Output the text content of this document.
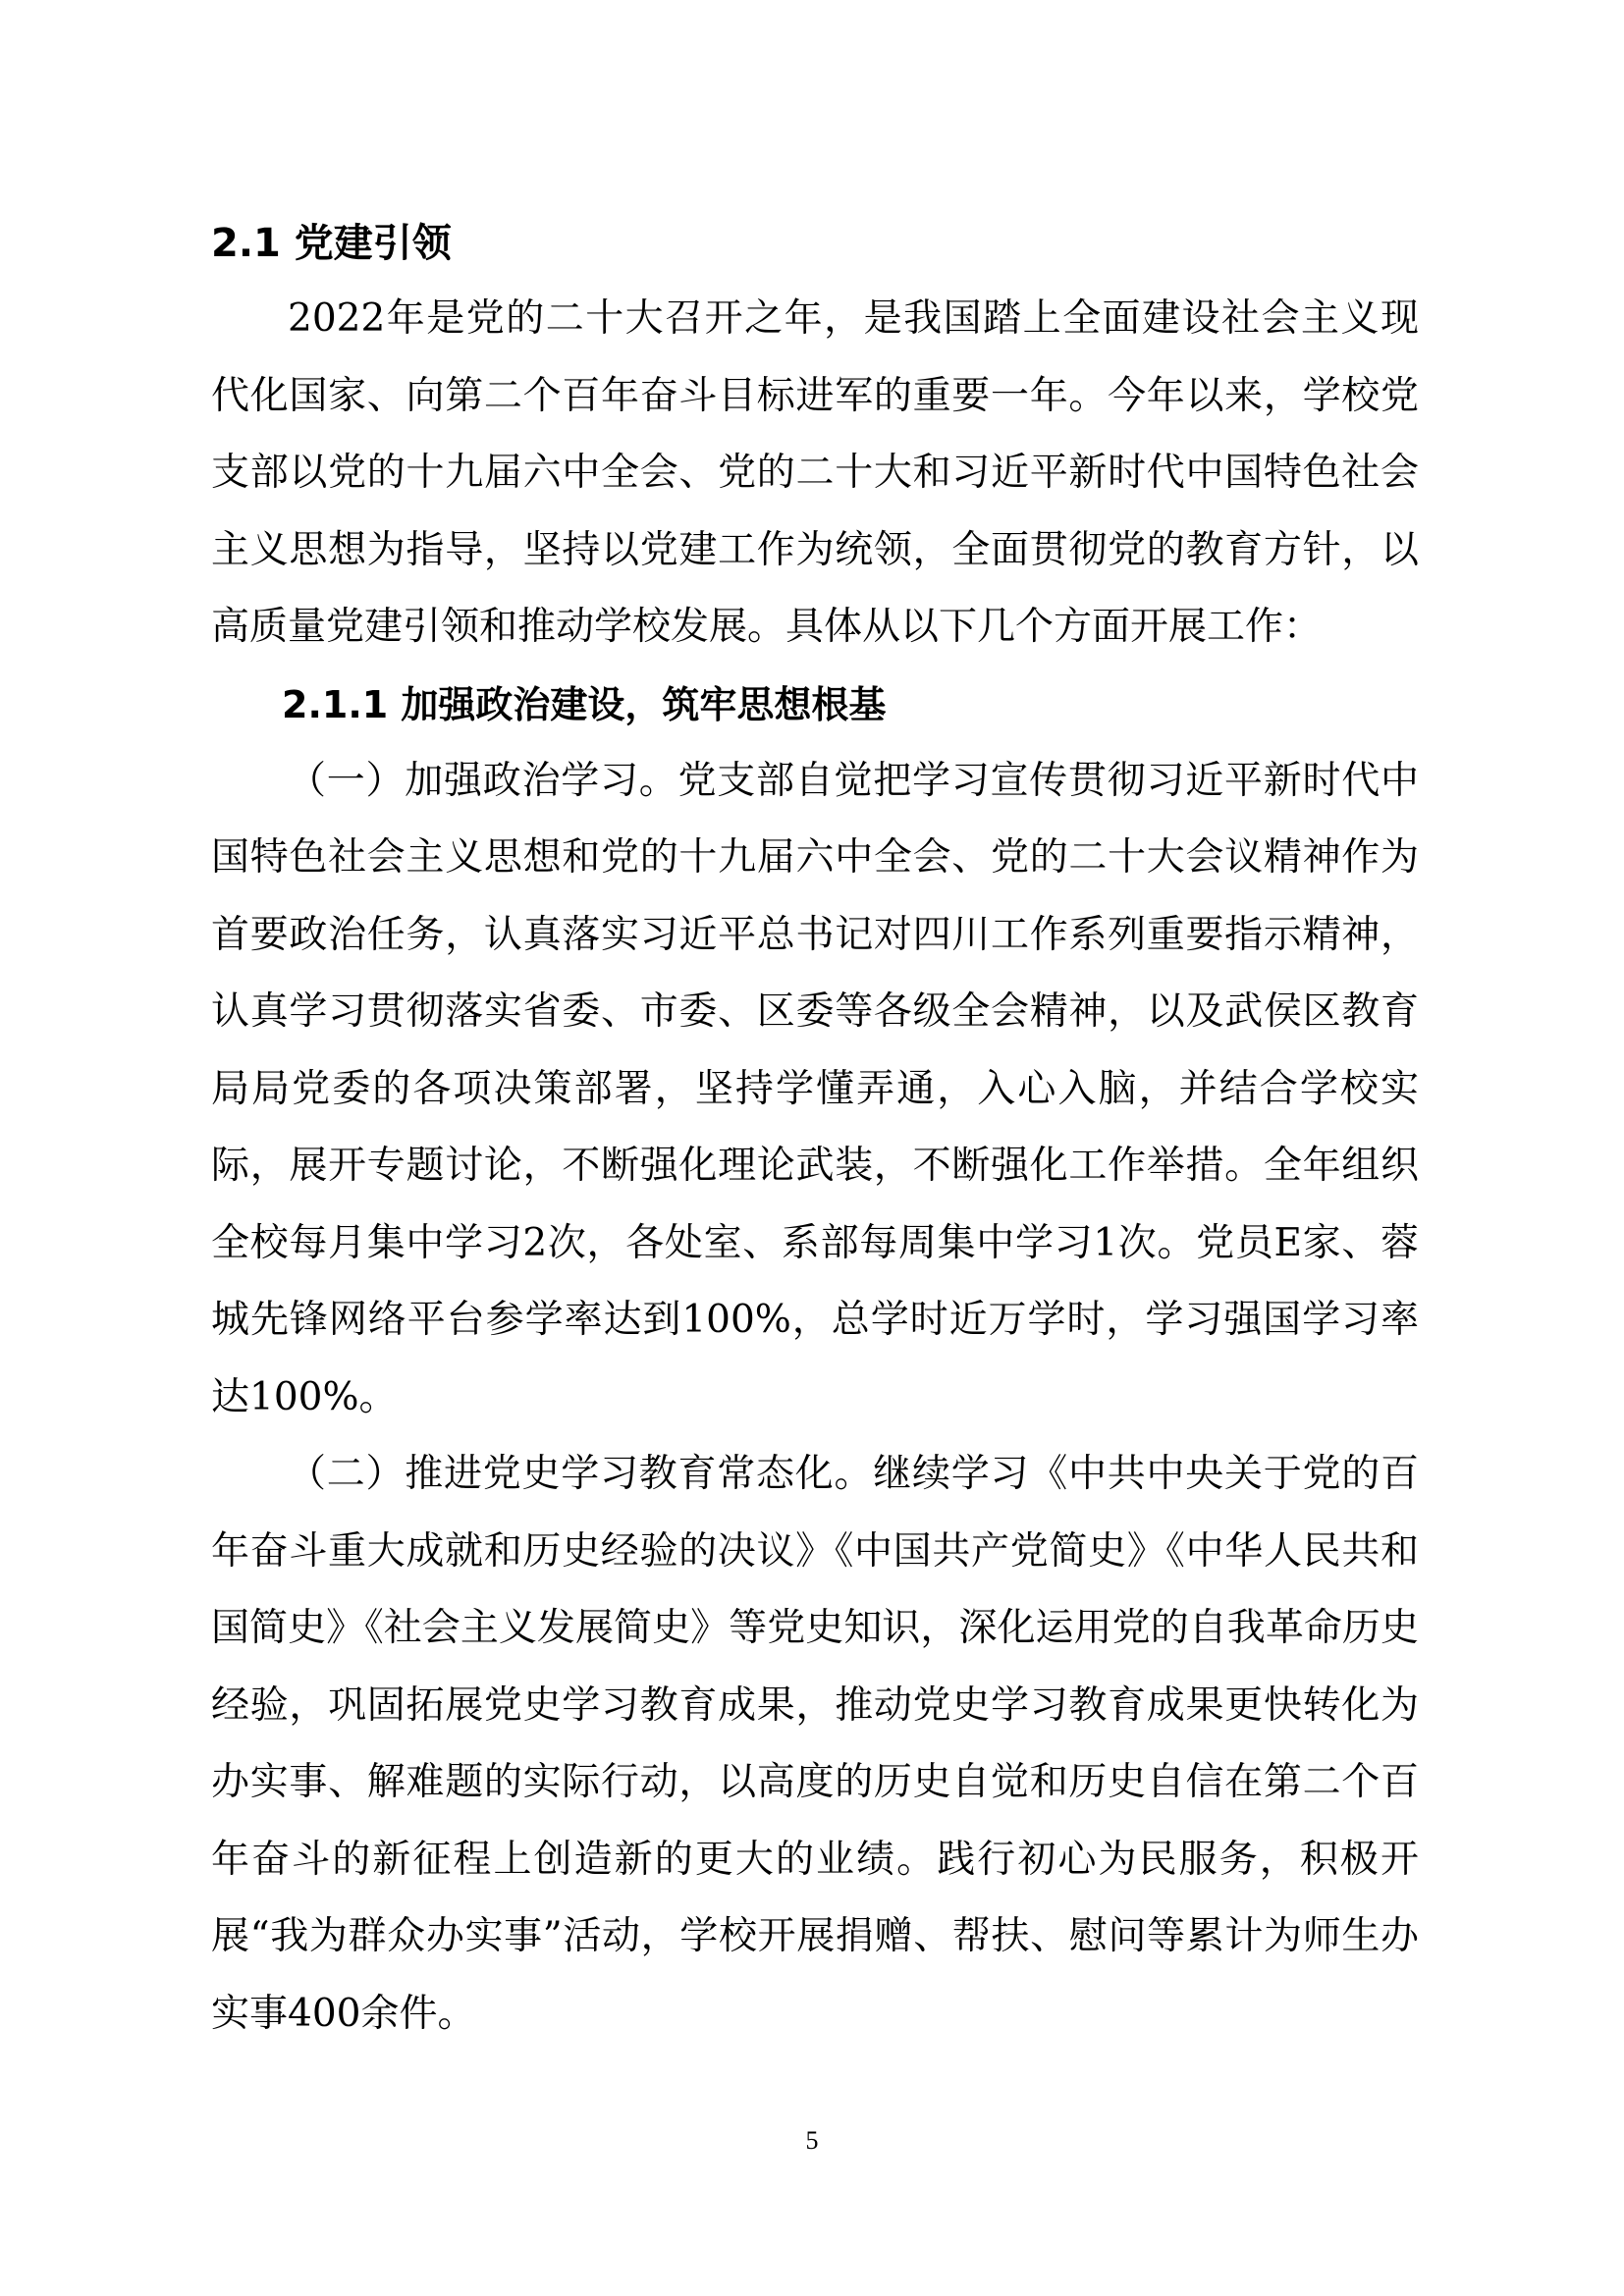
2.1 党建引领

2022年是党的二十大召开之年，是我国踏上全面建设社会主义现代化国家、向第二个百年奋斗目标进军的重要一年。今年以来，学校党支部以党的十九届六中全会、党的二十大和习近平新时代中国特色社会主义思想为指导，坚持以党建工作为统领，全面贯彻党的教育方针，以高质量党建引领和推动学校发展。具体从以下几个方面开展工作：

2.1.1 加强政治建设，筑牢思想根基

（一）加强政治学习。党支部自觉把学习宣传贯彻习近平新时代中国特色社会主义思想和党的十九届六中全会、党的二十大会议精神作为首要政治任务，认真落实习近平总书记对四川工作系列重要指示精神，认真学习贯彻落实省委、市委、区委等各级全会精神，以及武侯区教育局局党委的各项决策部署，坚持学懂弄通，入心入脑，并结合学校实际，展开专题讨论，不断强化理论武装，不断强化工作举措。全年组织全校每月集中学习2次，各处室、系部每周集中学习1次。党员E家、蓉城先锋网络平台参学率达到100%，总学时近万学时，学习强国学习率达100%。

（二）推进党史学习教育常态化。继续学习《中共中央关于党的百年奋斗重大成就和历史经验的决议》《中国共产党简史》《中华人民共和国简史》《社会主义发展简史》等党史知识，深化运用党的自我革命历史经验，巩固拓展党史学习教育成果，推动党史学习教育成果更快转化为办实事、解难题的实际行动，以高度的历史自觉和历史自信在第二个百年奋斗的新征程上创造新的更大的业绩。践行初心为民服务，积极开展“我为群众办实事”活动，学校开展捐赠、帮扶、慰问等累计为师生办实事400余件。

5
